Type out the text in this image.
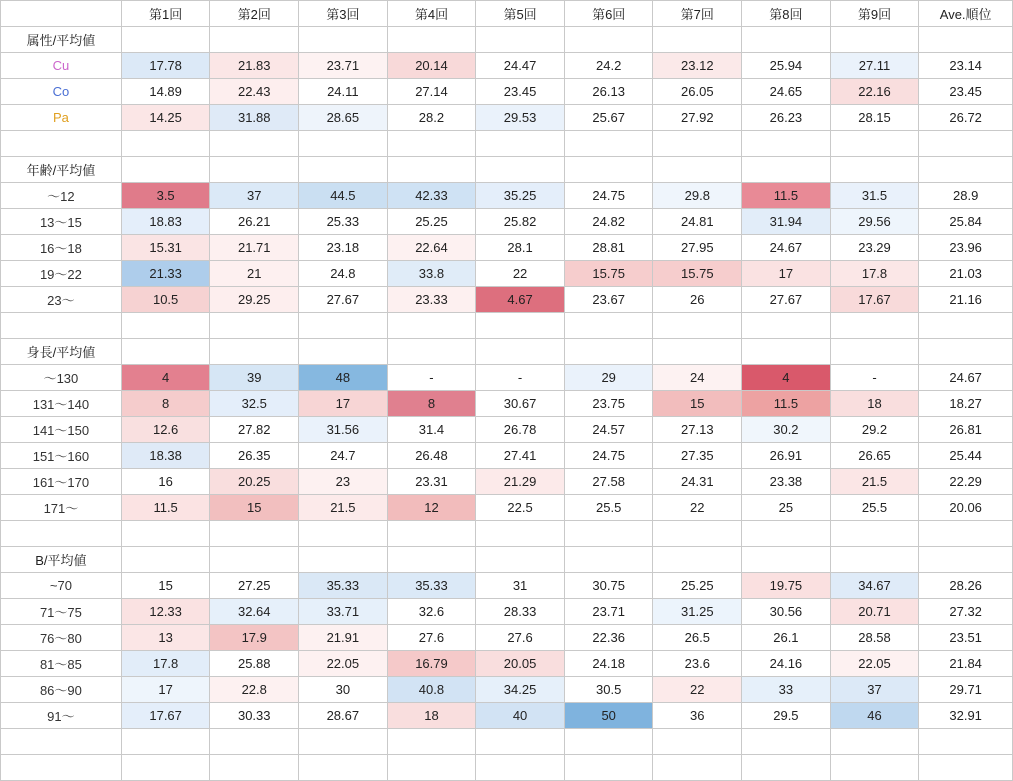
	第1回	第2回	第3回	第4回	第5回	第6回	第7回	第8回	第9回	Ave.順位
属性/平均値										
Cu	17.78	21.83	23.71	20.14	24.47	24.2	23.12	25.94	27.11	23.14
Co	14.89	22.43	24.11	27.14	23.45	26.13	26.05	24.65	22.16	23.45
Pa	14.25	31.88	28.65	28.2	29.53	25.67	27.92	26.23	28.15	26.72

年齢/平均値										
〜12	3.5	37	44.5	42.33	35.25	24.75	29.8	11.5	31.5	28.9
13〜15	18.83	26.21	25.33	25.25	25.82	24.82	24.81	31.94	29.56	25.84
16〜18	15.31	21.71	23.18	22.64	28.1	28.81	27.95	24.67	23.29	23.96
19〜22	21.33	21	24.8	33.8	22	15.75	15.75	17	17.8	21.03
23〜	10.5	29.25	27.67	23.33	4.67	23.67	26	27.67	17.67	21.16

身長/平均値										
〜130	4	39	48	-	-	29	24	4	-	24.67
131〜140	8	32.5	17	8	30.67	23.75	15	11.5	18	18.27
141〜150	12.6	27.82	31.56	31.4	26.78	24.57	27.13	30.2	29.2	26.81
151〜160	18.38	26.35	24.7	26.48	27.41	24.75	27.35	26.91	26.65	25.44
161〜170	16	20.25	23	23.31	21.29	27.58	24.31	23.38	21.5	22.29
171〜	11.5	15	21.5	12	22.5	25.5	22	25	25.5	20.06

B/平均値										
~70	15	27.25	35.33	35.33	31	30.75	25.25	19.75	34.67	28.26
71〜75	12.33	32.64	33.71	32.6	28.33	23.71	31.25	30.56	20.71	27.32
76〜80	13	17.9	21.91	27.6	27.6	22.36	26.5	26.1	28.58	23.51
81〜85	17.8	25.88	22.05	16.79	20.05	24.18	23.6	24.16	22.05	21.84
86〜90	17	22.8	30	40.8	34.25	30.5	22	33	37	29.71
91〜	17.67	30.33	28.67	18	40	50	36	29.5	46	32.91
